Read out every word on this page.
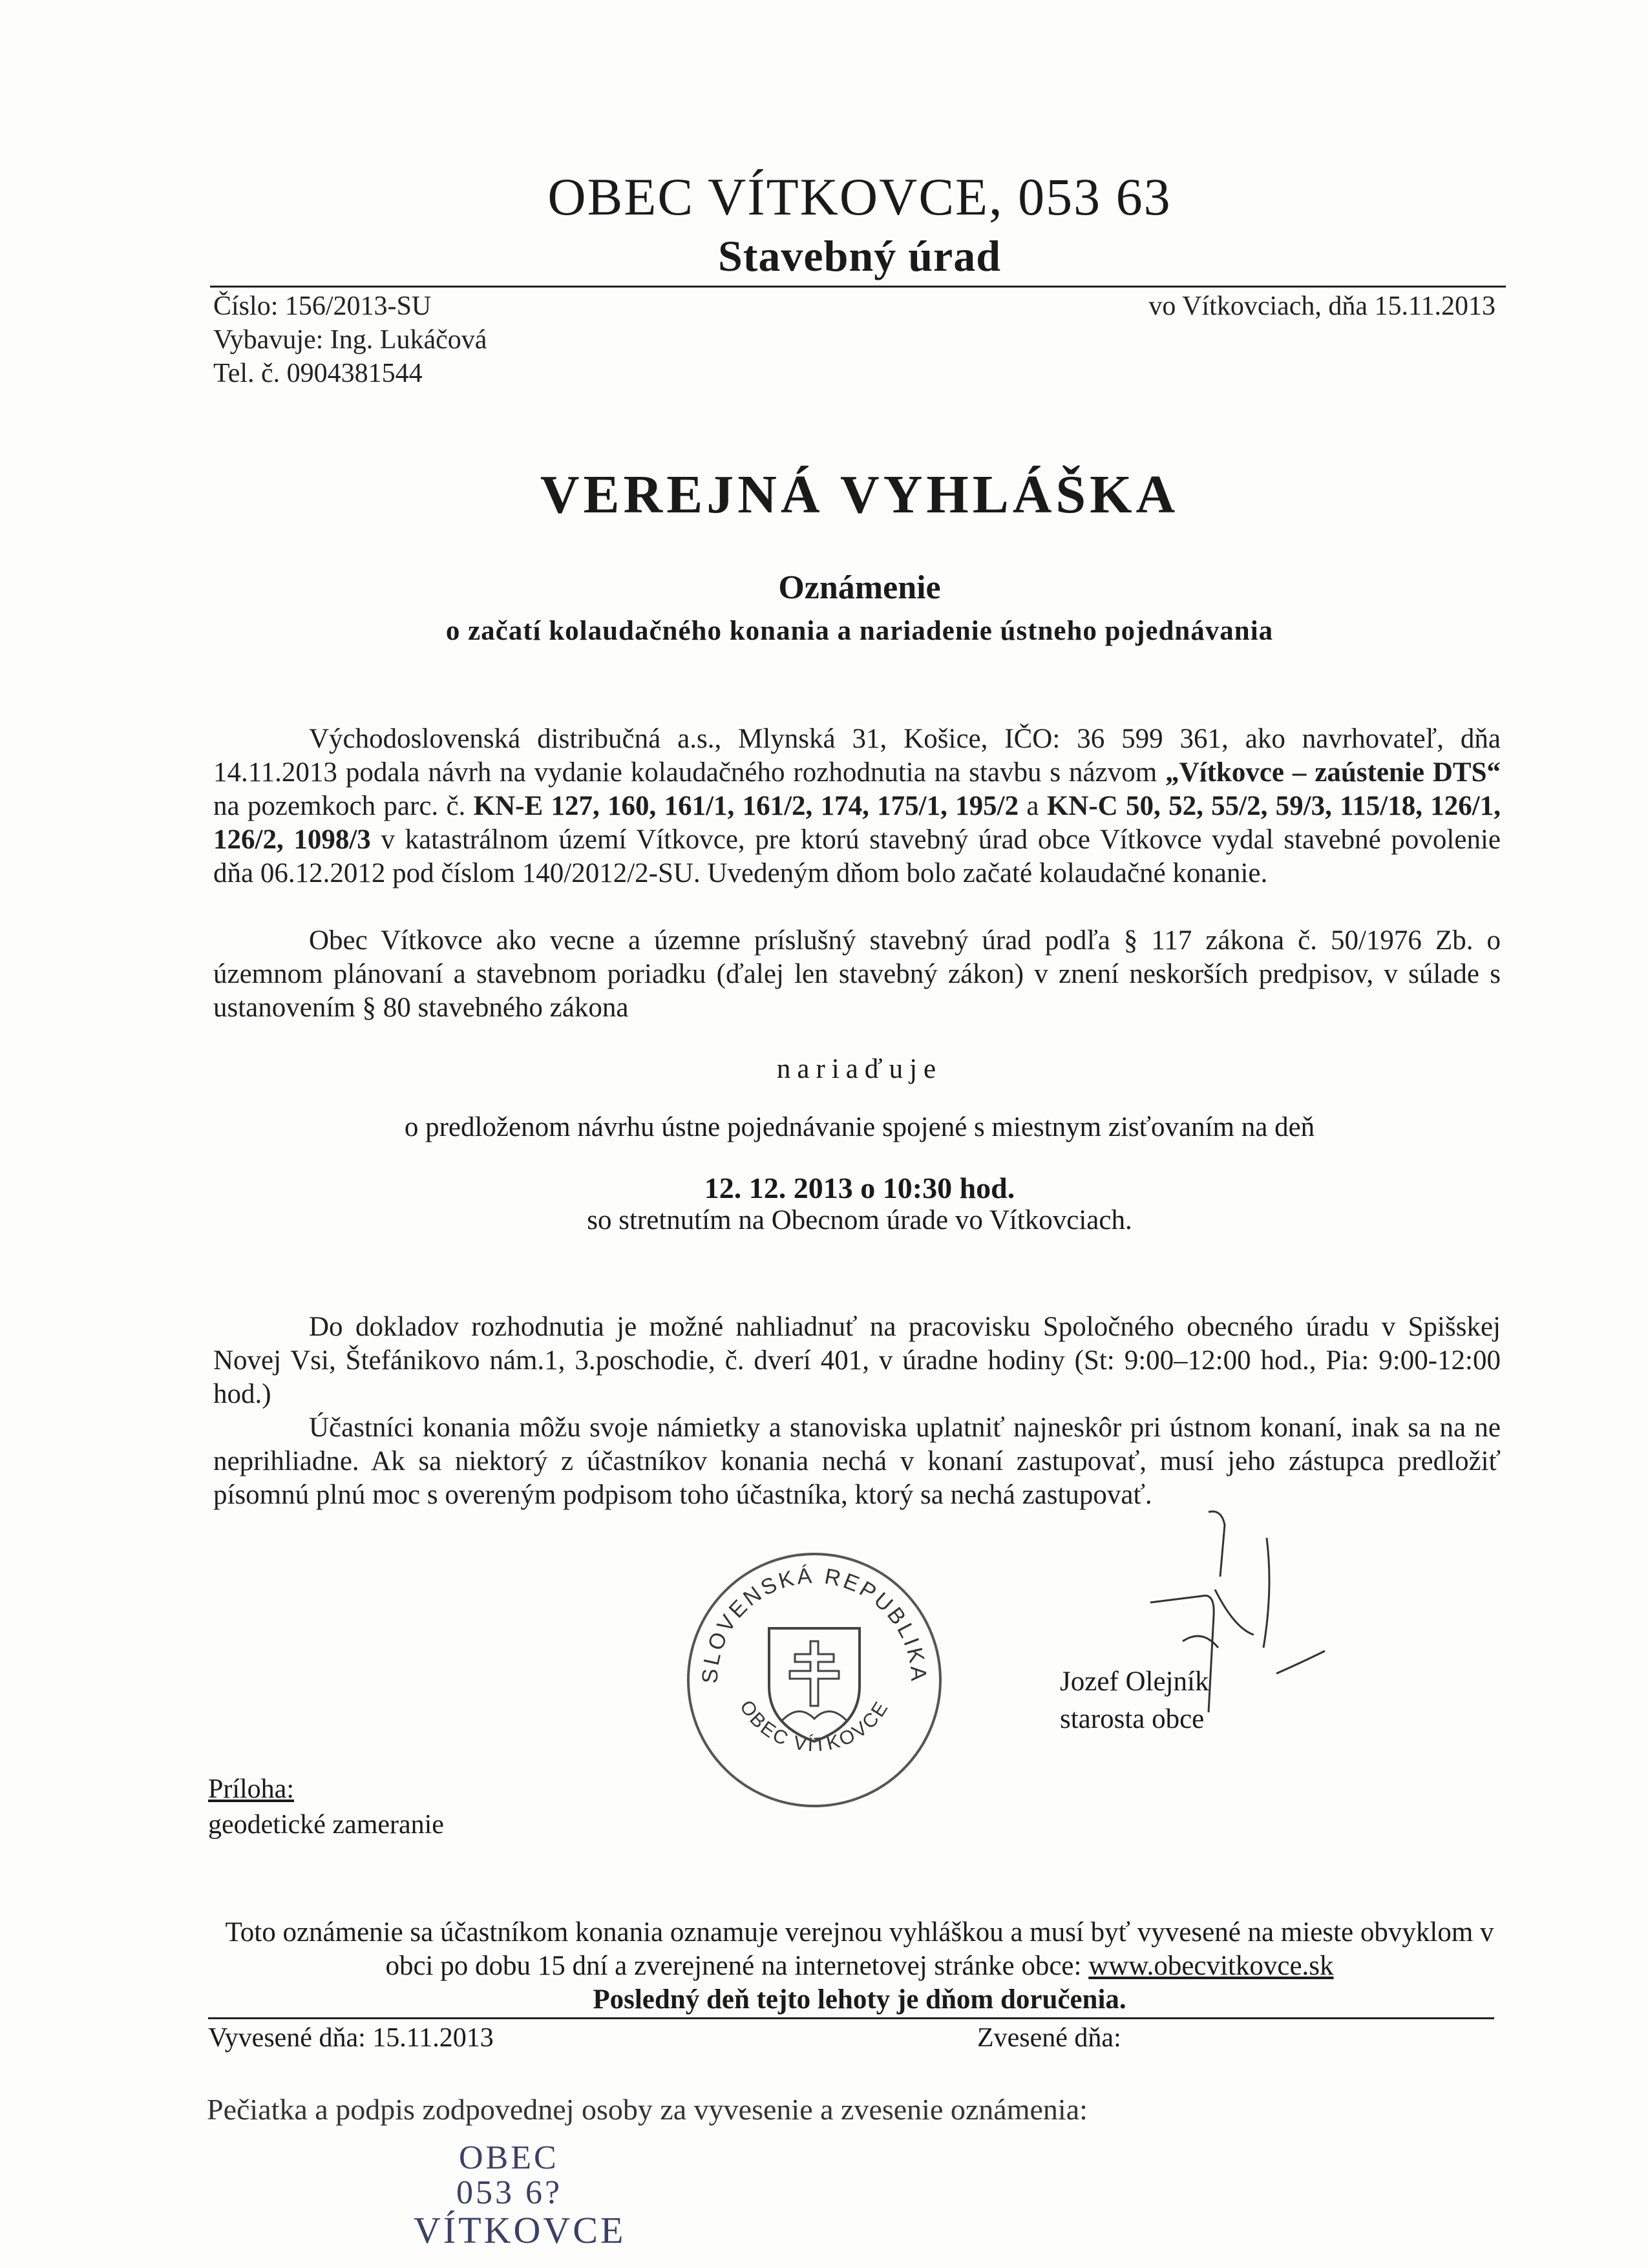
OBEC VÍTKOVCE, 053 63
Stavebný úrad
Číslo: 156/2013-SU
Vybavuje: Ing. Lukáčová
Tel. č. 0904381544
vo Vítkovciach, dňa 15.11.2013
VEREJNÁ VYHLÁŠKA
Oznámenie
o začatí kolaudačného konania a nariadenie ústneho pojednávania
Východoslovenská distribučná a.s., Mlynská 31, Košice, IČO: 36 599 361, ako navrhovateľ, dňa 14.11.2013 podala návrh na vydanie kolaudačného rozhodnutia na stavbu s názvom „Vítkovce – zaústenie DTS“ na pozemkoch parc. č. KN-E 127, 160, 161/1, 161/2, 174, 175/1, 195/2 a KN-C 50, 52, 55/2, 59/3, 115/18, 126/1, 126/2, 1098/3 v katastrálnom území Vítkovce, pre ktorú stavebný úrad obce Vítkovce vydal stavebné povolenie dňa 06.12.2012 pod číslom 140/2012/2-SU. Uvedeným dňom bolo začaté kolaudačné konanie.
Obec Vítkovce ako vecne a územne príslušný stavebný úrad podľa § 117 zákona č. 50/1976 Zb. o územnom plánovaní a stavebnom poriadku (ďalej len stavebný zákon) v znení neskorších predpisov, v súlade s ustanovením § 80 stavebného zákona
nariaďuje
o predloženom návrhu ústne pojednávanie spojené s miestnym zisťovaním na deň
12. 12. 2013 o 10:30 hod.
so stretnutím na Obecnom úrade vo Vítkovciach.
Do dokladov rozhodnutia je možné nahliadnuť na pracovisku Spoločného obecného úradu v Spišskej Novej Vsi, Štefánikovo nám.1, 3.poschodie, č. dverí 401, v úradne hodiny (St: 9:00–12:00 hod., Pia: 9:00-12:00 hod.)
Účastníci konania môžu svoje námietky a stanoviska uplatniť najneskôr pri ústnom konaní, inak sa na ne neprihliadne. Ak sa niektorý z účastníkov konania nechá v konaní zastupovať, musí jeho zástupca predložiť písomnú plnú moc s overeným podpisom toho účastníka, ktorý sa nechá zastupovať.
SLOVENSKÁ REPUBLIKA
OBEC VÍTKOVCE
Jozef Olejník
starosta obce
Príloha:
geodetické zameranie
Toto oznámenie sa účastníkom konania oznamuje verejnou vyhláškou a musí byť vyvesené na mieste obvyklom v obci po dobu 15 dní a zverejnené na internetovej stránke obce: www.obecvitkovce.sk
Posledný deň tejto lehoty je dňom doručenia.
Vyvesené dňa: 15.11.2013	Zvesené dňa:
Pečiatka a podpis zodpovednej osoby za vyvesenie a zvesenie oznámenia:
OBEC
053 6?
VÍTKOVCE
